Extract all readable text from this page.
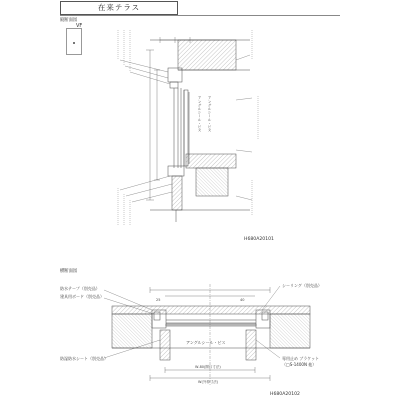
在来テラス
縦断面図
VF
アングルシール・ビス アングルシール・ビス
H680A20101
横断面図
防水テープ（別売品）
建具用ボード（別売品）
シーリング（別売品）
アングルシール・ビス
防湿防水シート（別売品）	専用止め ブラケット
（□S-1400N 他）
W-80(開口寸法)
W(外枠寸法)
25	40
H680A20102
